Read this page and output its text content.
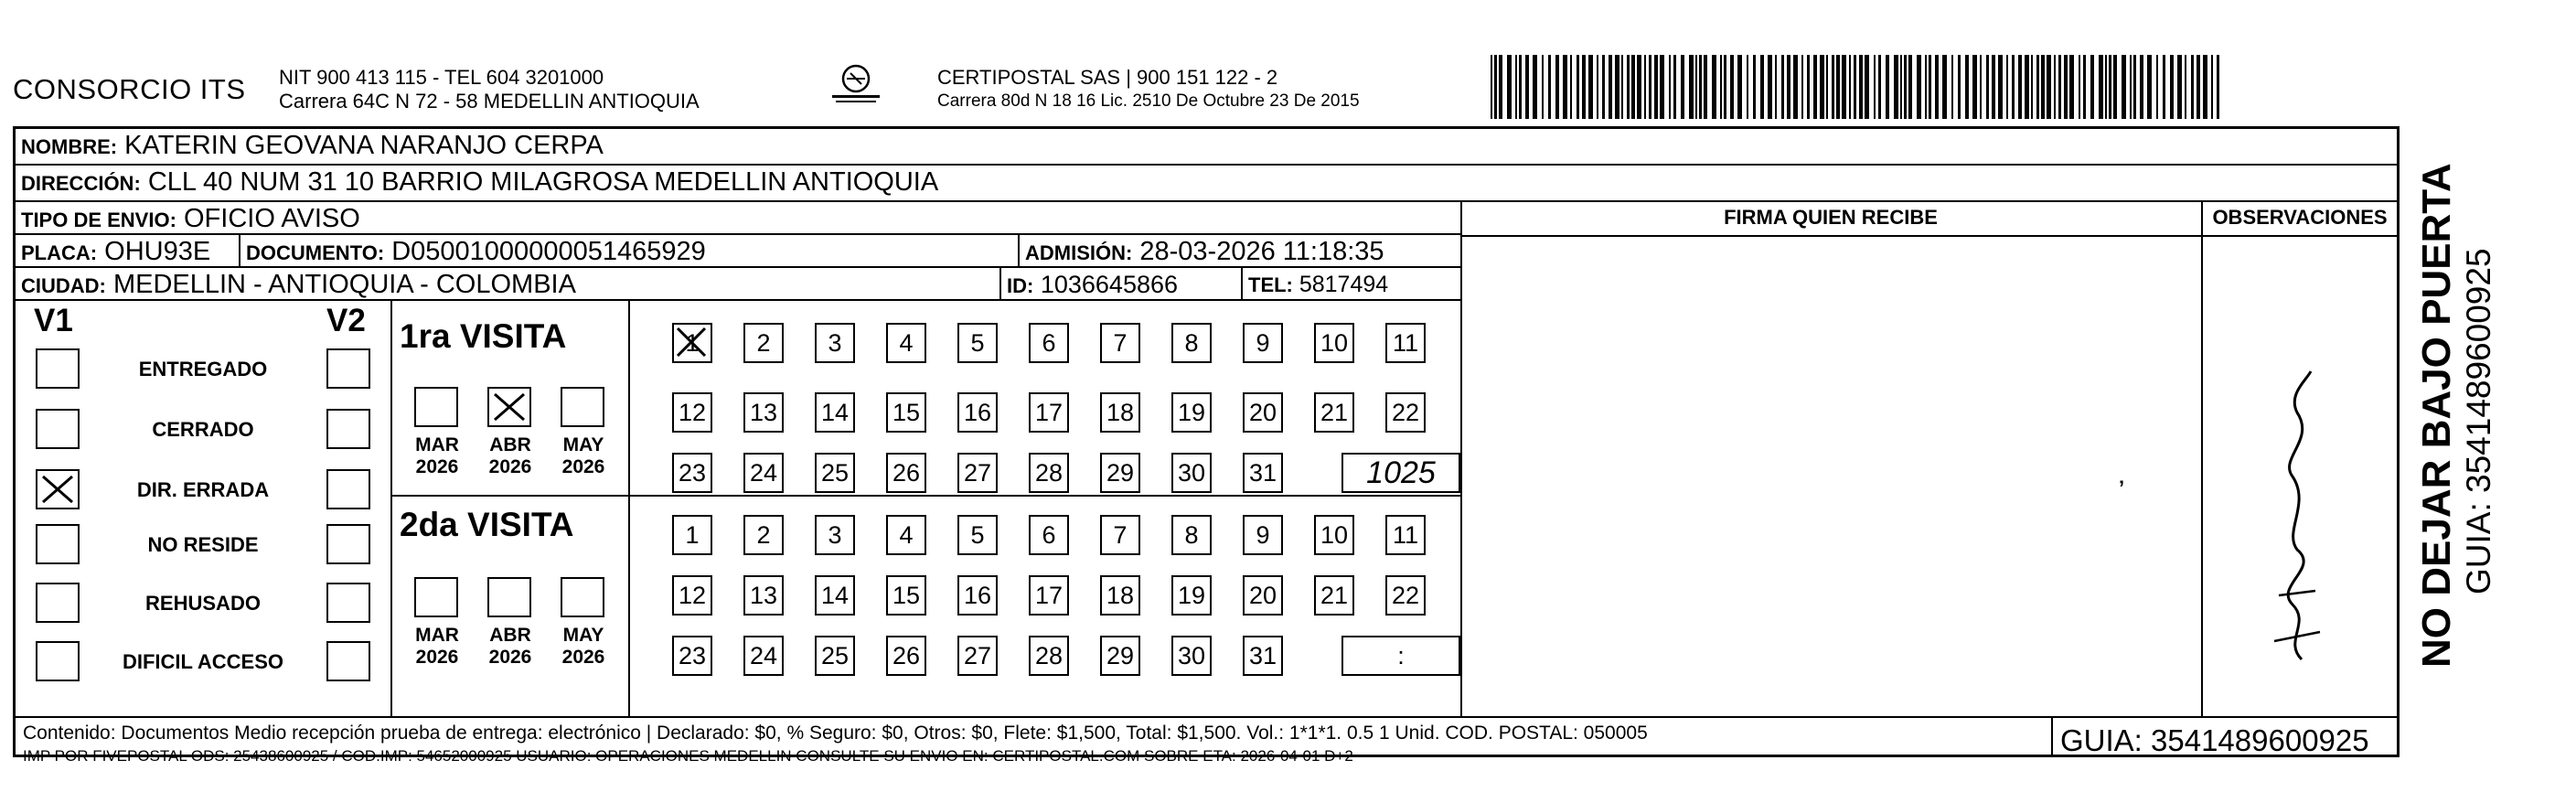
CONSORCIO ITS NIT 900 413 115 - TEL 604 3201000
Carrera 64C N 72 - 58 MEDELLIN ANTIOQUIA
CERTIPOSTAL SAS | 900 151 122 - 2
Carrera 80d N 18 16 Lic. 2510 De Octubre 23 De 2015
NOMBRE: KATERIN GEOVANA NARANJO CERPA
DIRECCIÓN: CLL 40 NUM 31 10 BARRIO MILAGROSA MEDELLIN ANTIOQUIA
TIPO DE ENVIO: OFICIO AVISO
PLACA: OHU93E	DOCUMENTO: D05001000000051465929	ADMISIÓN: 28-03-2026 11:18:35
CIUDAD: MEDELLIN - ANTIOQUIA - COLOMBIA	ID: 1036645866	TEL: 5817494
FIRMA QUIEN RECIBE	OBSERVACIONES
’
V1	V2
ENTREGADO
CERRADO
DIR. ERRADA
NO RESIDE
REHUSADO
DIFICIL ACCESO
1ra VISITA
MAR
2026
ABR
2026
MAY
2026
1	2	3	4	5	6	7	8	9	10 11
12 13 14 15 16 17 18 19 20 21 22
23 24 25 26 27 28 29 30 31	1025
2da VISITA
MAR
2026
ABR
2026
MAY
2026
1	2	3	4	5	6	7	8	9	10 11
12 13 14 15 16 17 18 19 20 21 22
23 24 25 26 27 28 29 30 31	:
Contenido: Documentos Medio recepción prueba de entrega: electrónico | Declarado: $0, % Seguro: $0, Otros: $0, Flete: $1,500, Total: $1,500. Vol.: 1*1*1. 0.5 1 Unid. COD. POSTAL: 050005
IMP POR FIVEPOSTAL ODS: 25438600925 / COD.IMP: 54652000925 USUARIO: OPERACIONES MEDELLIN CONSULTE SU ENVIO EN: CERTIPOSTAL.COM SOBRE ETA: 2026-04-01 D+2	GUIA: 3541489600925
NO DEJAR BAJO PUERTA GUIA: 3541489600925
